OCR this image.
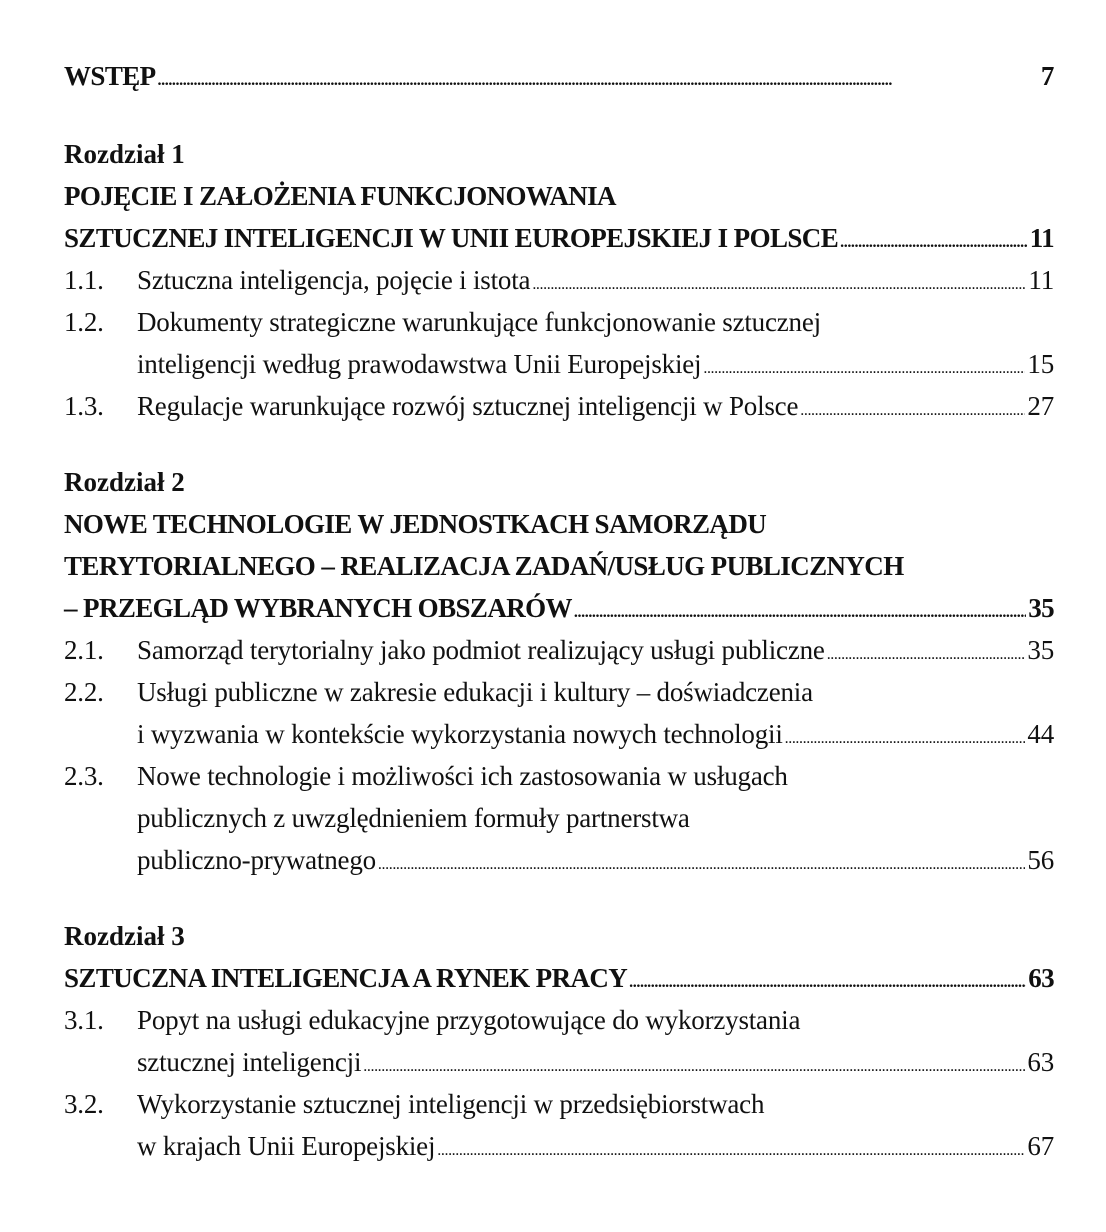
WSTĘP . . .	7
Rozdział 1
POJĘCIE I ZAŁOŻENIA FUNKCJONOWANIA
SZTUCZNEJ INTELIGENCJI W UNII EUROPEJSKIEJ I POLSCE . . .	11
1.1.	Sztuczna inteligencja, pojęcie i istota . . .	11
1.2.	Dokumenty strategiczne warunkujące funkcjonowanie sztucznej
inteligencji według prawodawstwa Unii Europejskiej . . .	15
1.3.	Regulacje warunkujące rozwój sztucznej inteligencji w Polsce . . .	27
Rozdział 2
NOWE TECHNOLOGIE W JEDNOSTKACH SAMORZĄDU
TERYTORIALNEGO – REALIZACJA ZADAŃ/USŁUG PUBLICZNYCH
– PRZEGLĄD WYBRANYCH OBSZARÓW . . .	35
2.1.	Samorząd terytorialny jako podmiot realizujący usługi publiczne . . .	35
2.2.	Usługi publiczne w zakresie edukacji i kultury – doświadczenia
i wyzwania w kontekście wykorzystania nowych technologii . . .	44
2.3.	Nowe technologie i możliwości ich zastosowania w usługach
publicznych z uwzględnieniem formuły partnerstwa
publiczno-prywatnego . . .	56
Rozdział 3
SZTUCZNA INTELIGENCJA A RYNEK PRACY . . .	63
3.1.	Popyt na usługi edukacyjne przygotowujące do wykorzystania
sztucznej inteligencji . . .	63
3.2.	Wykorzystanie sztucznej inteligencji w przedsiębiorstwach
w krajach Unii Europejskiej . . .	67
